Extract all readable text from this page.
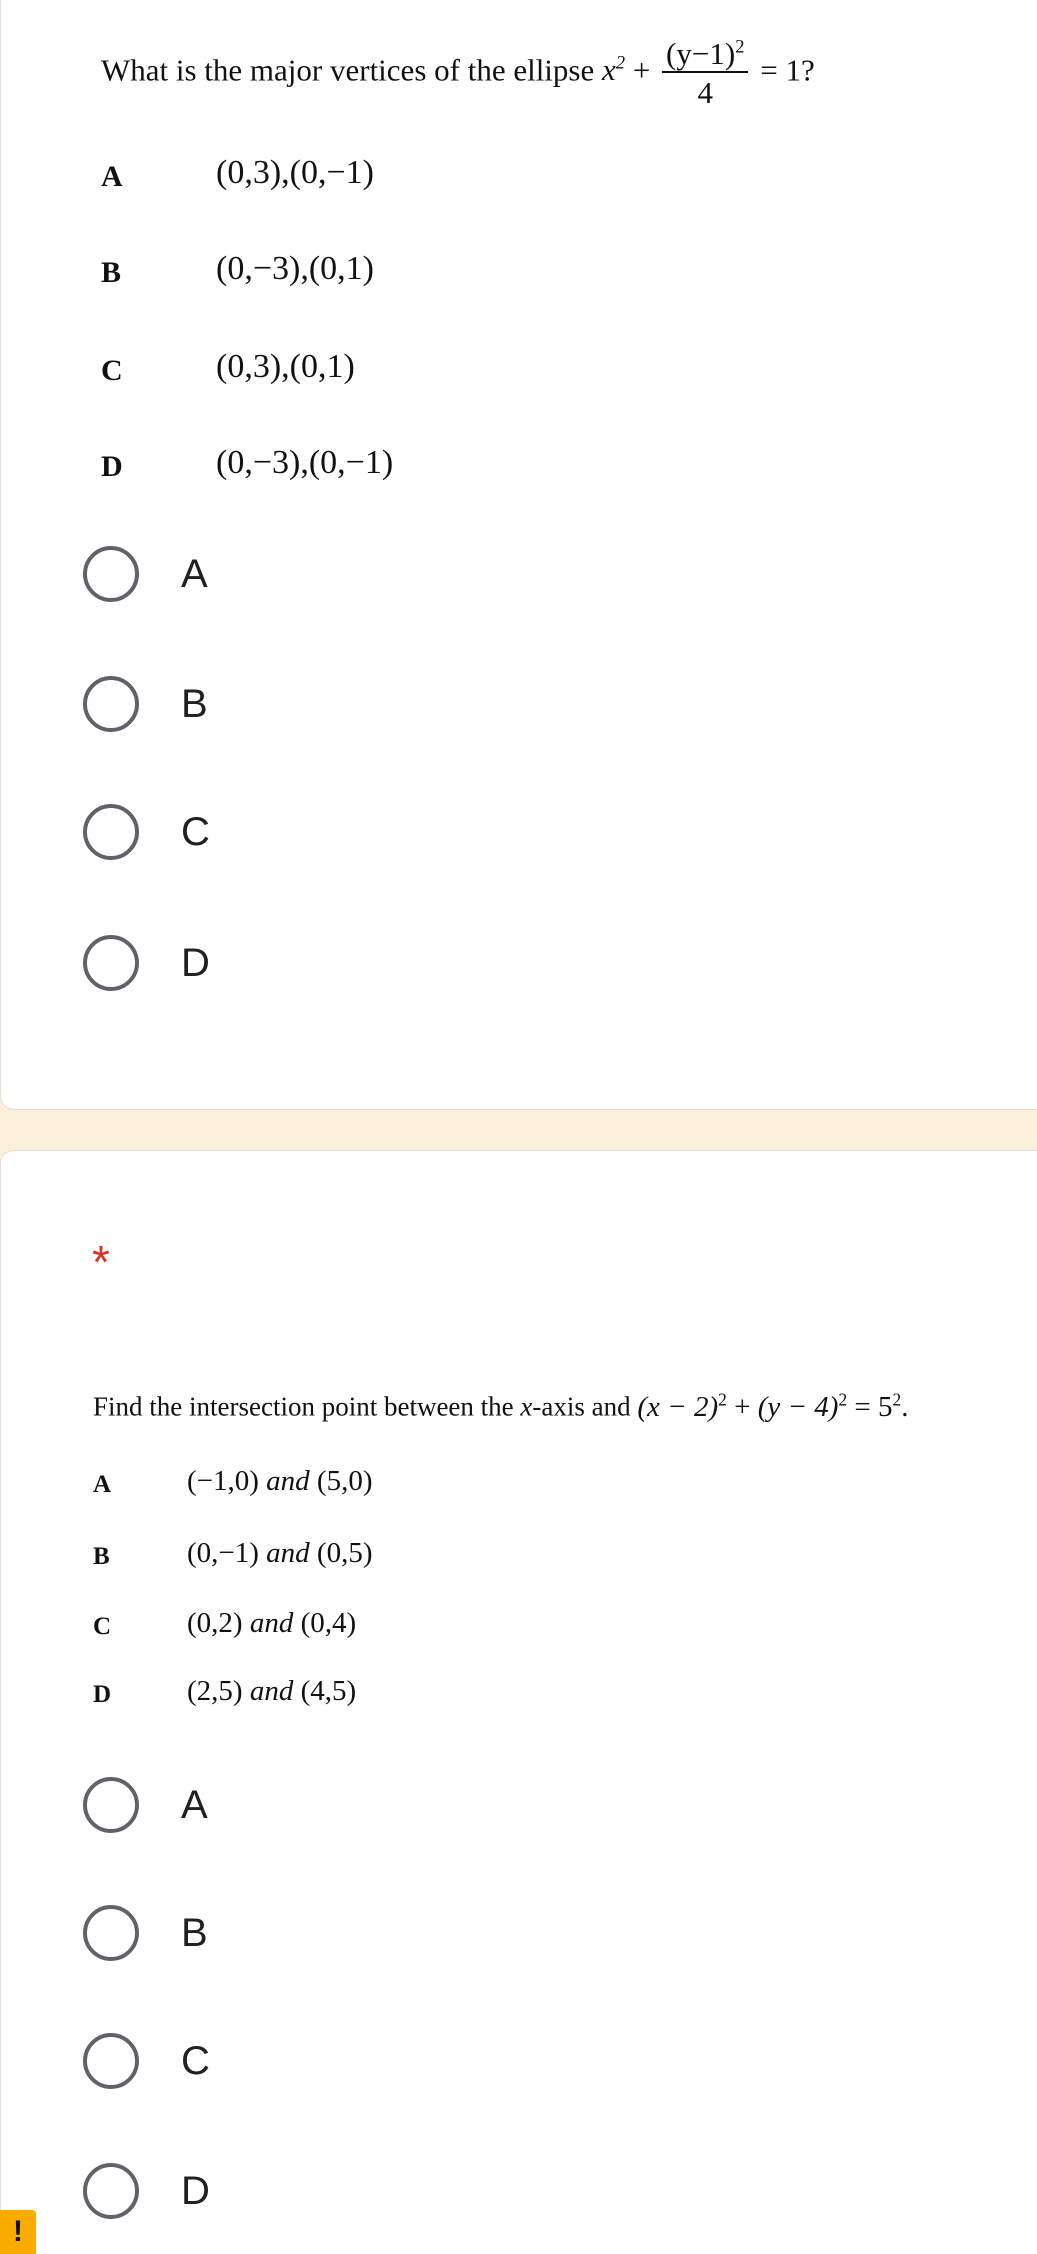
What is the major vertices of the ellipse $x^2 + \frac{(y-1)^2}{4} = 1$?
A	(0,3),(0,−1)
B	(0,−3),(0,1)
C	(0,3),(0,1)
D	(0,−3),(0,−1)
A
B
C
D
Find the intersection point between the x-axis and $(x - 2)^2 + (y - 4)^2 = 5^2$.
A	(−1,0) and (5,0)
B	(0,−1) and (0,5)
C	(0,2) and (0,4)
D	(2,5) and (4,5)
A
B
C
D
*
!
